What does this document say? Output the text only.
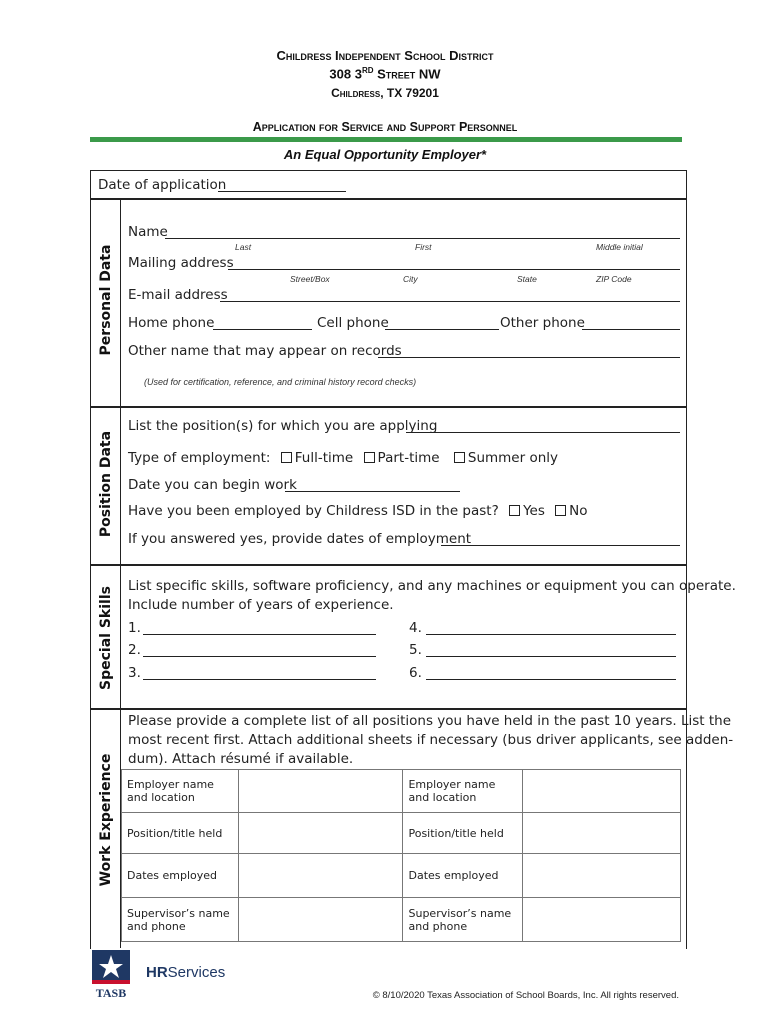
Childress Independent School District
308 3RD Street NW
Childress, TX 79201
Application for Service and Support Personnel
An Equal Opportunity Employer*
Date of application
Personal Data
Name
Last	First	Middle initial
Mailing address
Street/Box	City	State	ZIP Code
E-mail address
Home phone	Cell phone	Other phone
Other name that may appear on records
(Used for certification, reference, and criminal history record checks)
Position Data
List the position(s) for which you are applying
Type of employment: Full-time Part-time Summer only
Date you can begin work
Have you been employed by Childress ISD in the past? Yes No
If you answered yes, provide dates of employment
Special Skills
List specific skills, software proficiency, and any machines or equipment you can operate.
Include number of years of experience.
1.
2.
3.
4.
5.
6.
Work Experience
Please provide a complete list of all positions you have held in the past 10 years. List the
most recent first. Attach additional sheets if necessary (bus driver applicants, see adden-
dum). Attach résumé if available.
Employer name and location		Employer name and location	
Position/title held		Position/title held	
Dates employed		Dates employed	
Supervisor’s name and phone		Supervisor’s name and phone	
TASB
HRServices
© 8/10/2020 Texas Association of School Boards, Inc. All rights reserved.
